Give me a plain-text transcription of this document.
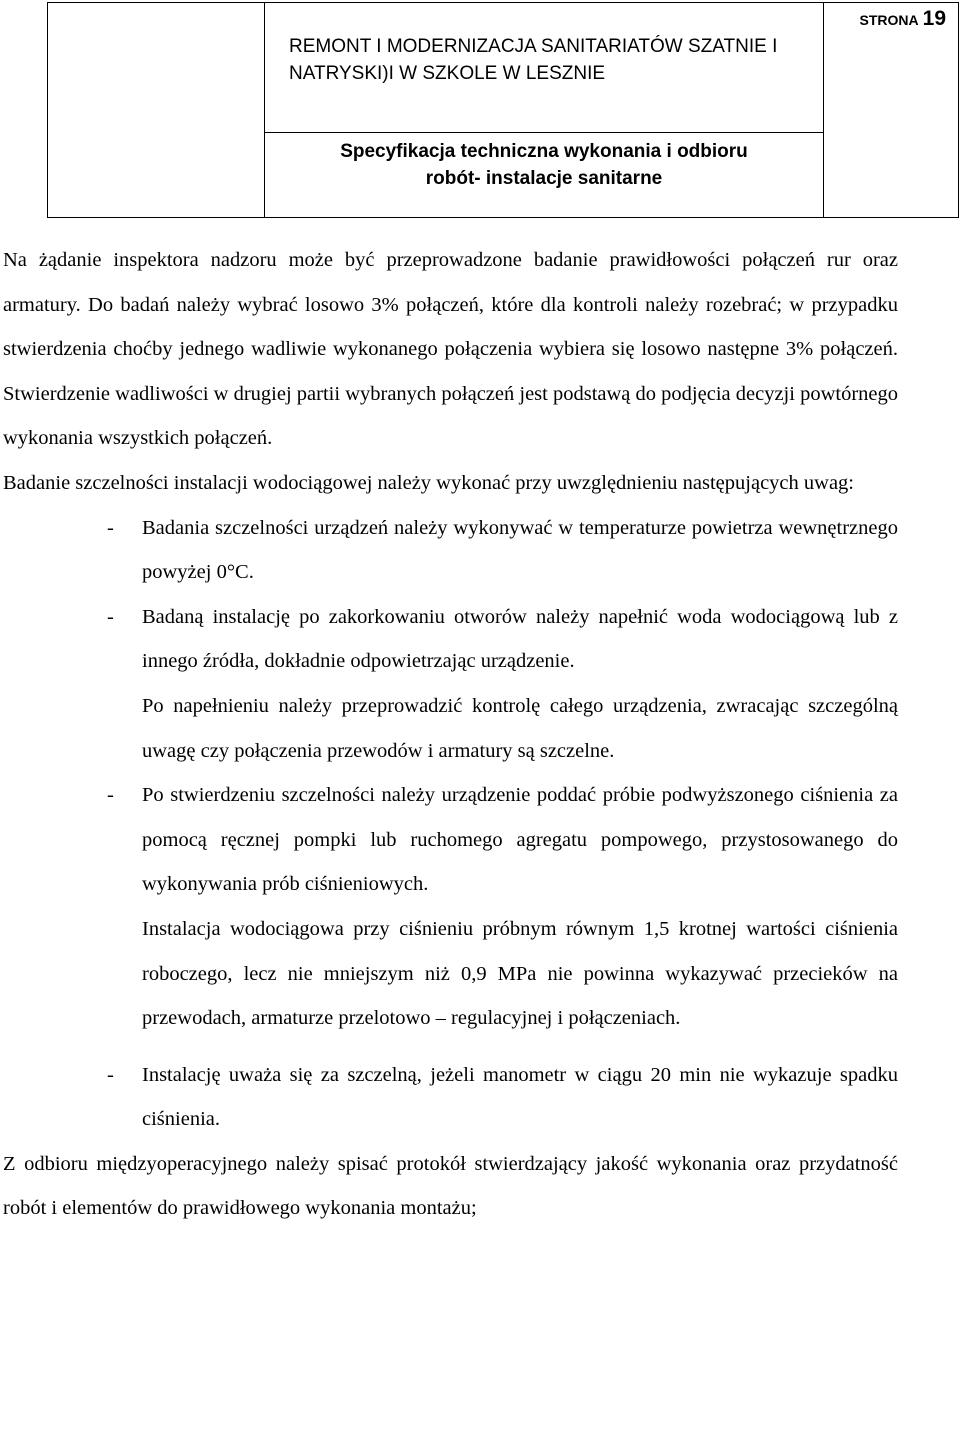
REMONT I MODERNIZACJA SANITARIATÓW SZATNIE I
NATRYSKI)I W SZKOLE W LESZNIE

STRONA 19

Specyfikacja techniczna wykonania i odbioru
robót- instalacje sanitarne

Na żądanie inspektora nadzoru może być przeprowadzone badanie prawidłowości połączeń rur oraz armatury. Do badań należy wybrać losowo 3% połączeń, które dla kontroli należy rozebrać; w przypadku stwierdzenia choćby jednego wadliwie wykonanego połączenia wybiera się losowo następne 3% połączeń. Stwierdzenie wadliwości w drugiej partii wybranych połączeń jest podstawą do podjęcia decyzji powtórnego wykonania wszystkich połączeń.

Badanie szczelności instalacji wodociągowej należy wykonać przy uwzględnieniu następujących uwag:

- Badania szczelności urządzeń należy wykonywać w temperaturze powietrza wewnętrznego powyżej 0°C.

- Badaną instalację po zakorkowaniu otworów należy napełnić woda wodociągową lub z innego źródła, dokładnie odpowietrzając urządzenie.

Po napełnieniu należy przeprowadzić kontrolę całego urządzenia, zwracając szczególną uwagę czy połączenia przewodów i armatury są szczelne.

- Po stwierdzeniu szczelności należy urządzenie poddać próbie podwyższonego ciśnienia za pomocą ręcznej pompki lub ruchomego agregatu pompowego, przystosowanego do wykonywania prób ciśnieniowych.

Instalacja wodociągowa przy ciśnieniu próbnym równym 1,5 krotnej wartości ciśnienia roboczego, lecz nie mniejszym niż 0,9 MPa nie powinna wykazywać przecieków na przewodach, armaturze przelotowo – regulacyjnej i połączeniach.

- Instalację uważa się za szczelną, jeżeli manometr w ciągu 20 min nie wykazuje spadku ciśnienia.

Z odbioru międzyoperacyjnego należy spisać protokół stwierdzający jakość wykonania oraz przydatność robót i elementów do prawidłowego wykonania montażu;
